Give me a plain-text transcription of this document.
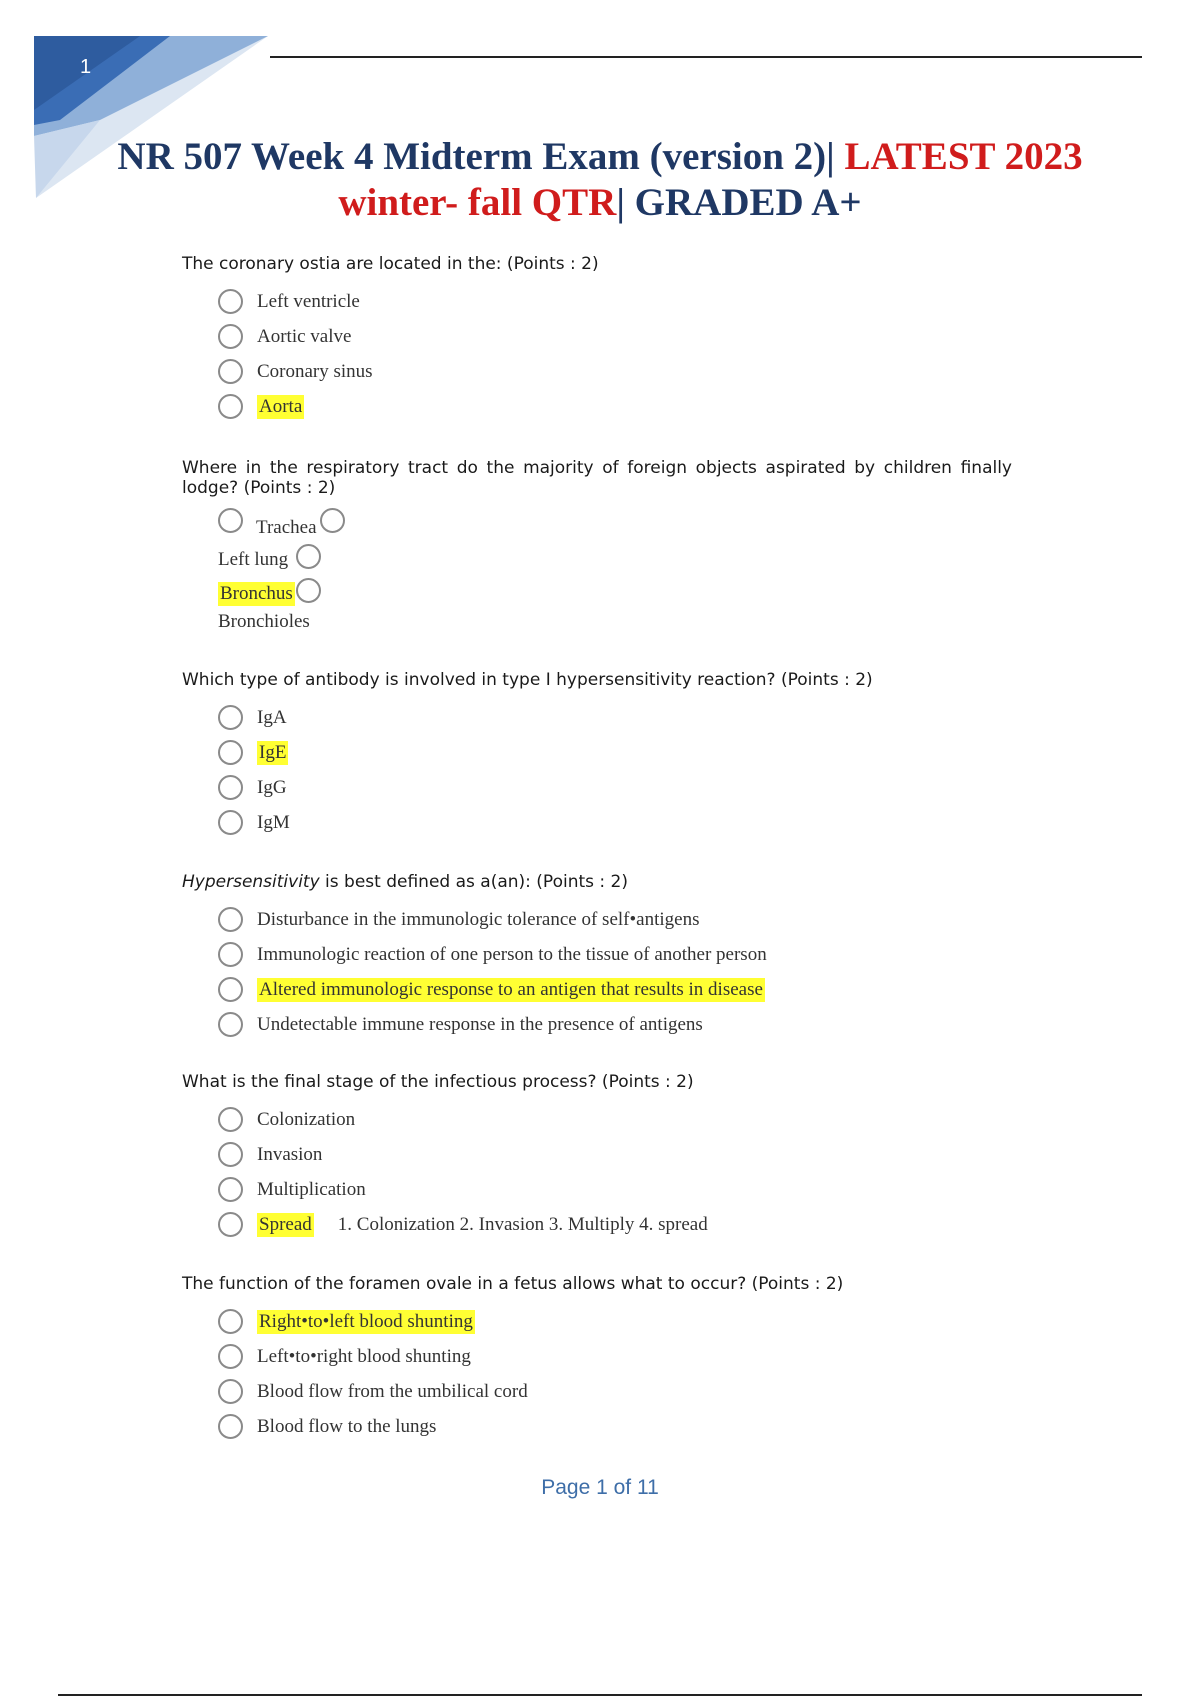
1
NR 507 Week 4 Midterm Exam (version 2)| LATEST 2023
winter- fall QTR| GRADED A+

The coronary ostia are located in the: (Points : 2)

Left ventricle
Aortic valve
Coronary sinus
Aorta

Where in the respiratory tract do the majority of foreign objects aspirated by children finally lodge? (Points : 2)

Trachea
Left lung
Bronchus
Bronchioles

Which type of antibody is involved in type I hypersensitivity reaction? (Points : 2)

IgA
IgE
IgG
IgM

Hypersensitivity is best defined as a(an): (Points : 2)

Disturbance in the immunologic tolerance of self•antigens
Immunologic reaction of one person to the tissue of another person
Altered immunologic response to an antigen that results in disease
Undetectable immune response in the presence of antigens

What is the final stage of the infectious process? (Points : 2)

Colonization
Invasion
Multiplication
Spread 1. Colonization 2. Invasion 3. Multiply 4. spread

The function of the foramen ovale in a fetus allows what to occur? (Points : 2)

Right•to•left blood shunting
Left•to•right blood shunting
Blood flow from the umbilical cord
Blood flow to the lungs
Page 1 of 11
